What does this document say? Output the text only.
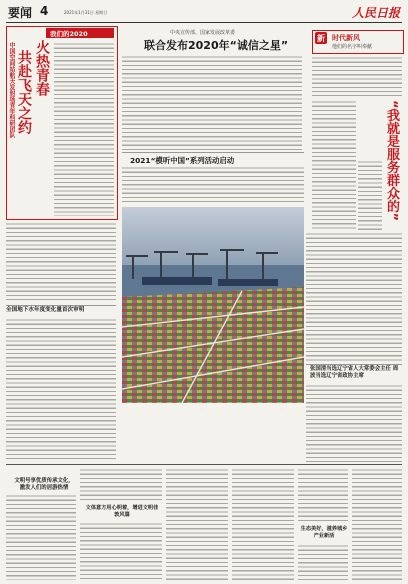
要闻 4	2021年1月31日 星期日	人民日报
我们的2020
中国空间站航天发射场青年科研团队 共赴飞天之约 火热青春
全国地下水年度变化量首次审明
中央宣传部、国家发展改革委
联合发布2020年“诚信之星”
2021“模听中国”系列活动启动
新 时代新风
他们的名字叫奉献
“我就是服务群众的”
张国清当选辽宁省人大常委会主任 周波当选辽宁省政协主席
文明号享优质传承文化，激发人们的居游热情
文体意方用心明着，增进文明佳敦风篇
生态美好，滋养城乡产业新活
